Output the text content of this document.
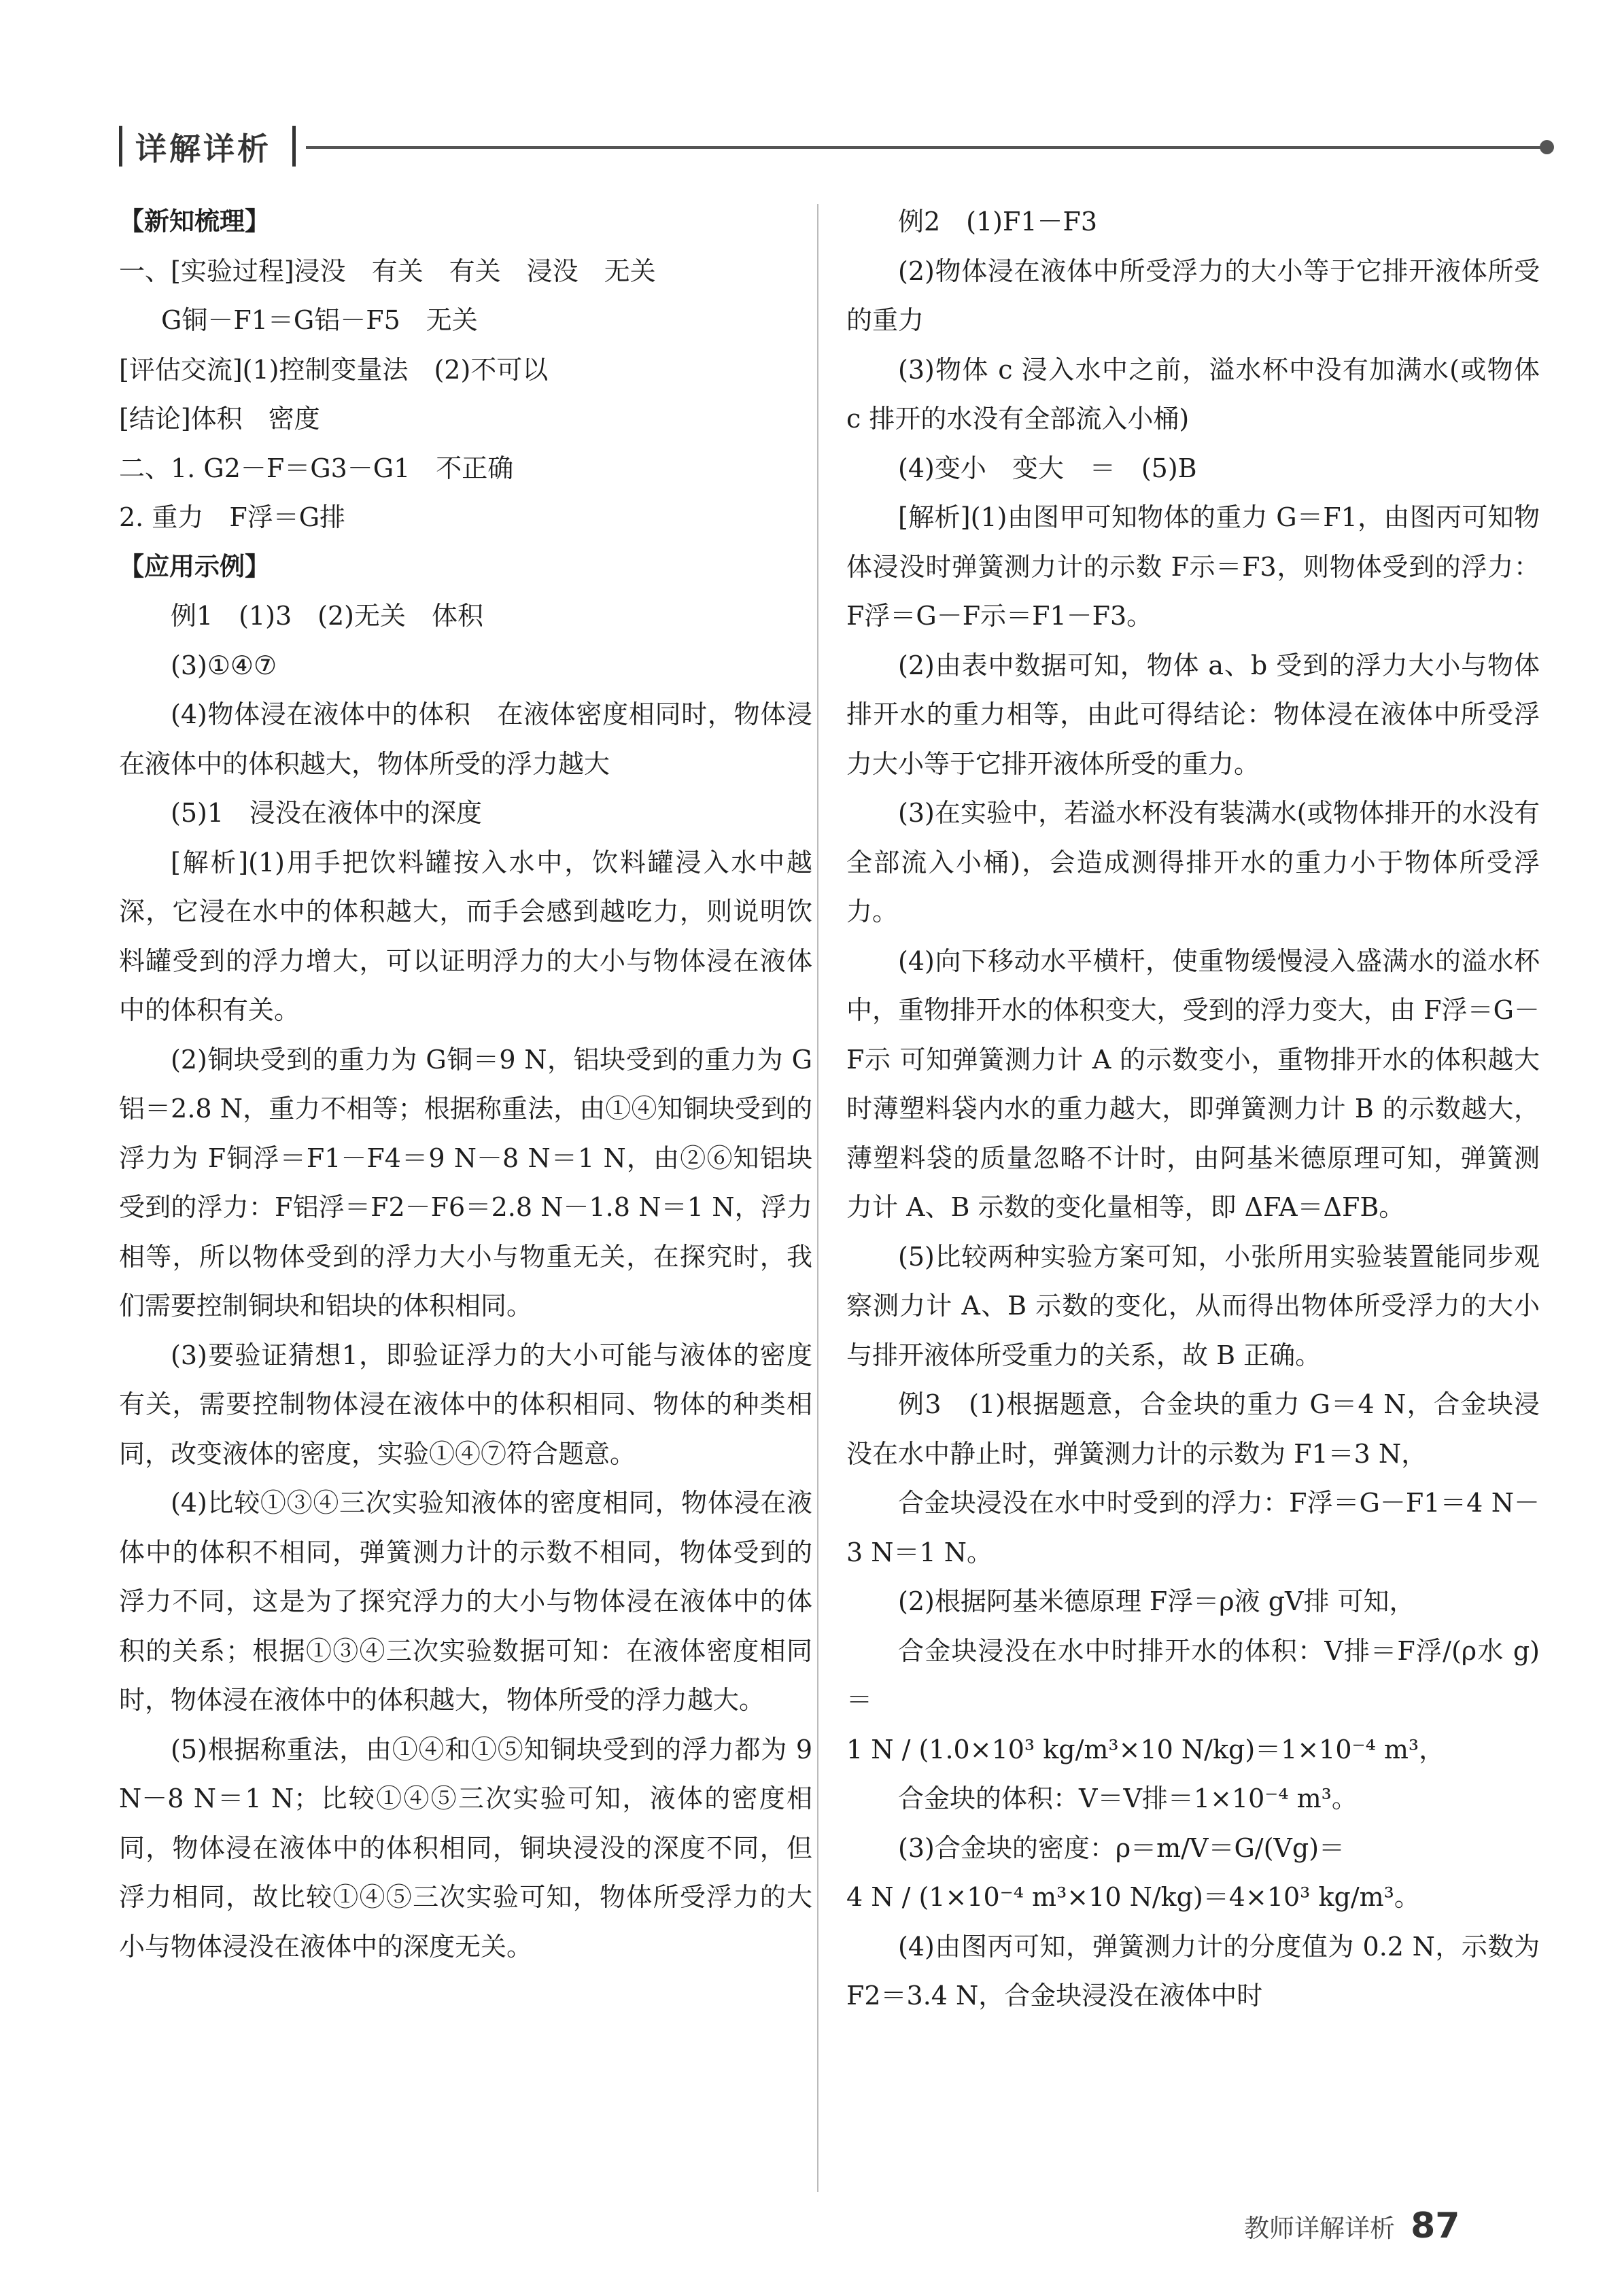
详解详析

【新知梳理】

一、[实验过程]浸没　有关　有关　浸没　无关

G铜－F1＝G铝－F5　无关

[评估交流](1)控制变量法　(2)不可以

[结论]体积　密度

二、1. G2－F＝G3－G1　不正确

2. 重力　F浮＝G排

【应用示例】

例1　(1)3　(2)无关　体积

(3)①④⑦

(4)物体浸在液体中的体积　在液体密度相同时，物体浸在液体中的体积越大，物体所受的浮力越大

(5)1　浸没在液体中的深度

[解析](1)用手把饮料罐按入水中，饮料罐浸入水中越深，它浸在水中的体积越大，而手会感到越吃力，则说明饮料罐受到的浮力增大，可以证明浮力的大小与物体浸在液体中的体积有关。

(2)铜块受到的重力为 G铜＝9 N，铝块受到的重力为 G铝＝2.8 N，重力不相等；根据称重法，由①④知铜块受到的浮力为 F铜浮＝F1－F4＝9 N－8 N＝1 N，由②⑥知铝块受到的浮力：F铝浮＝F2－F6＝2.8 N－1.8 N＝1 N，浮力相等，所以物体受到的浮力大小与物重无关，在探究时，我们需要控制铜块和铝块的体积相同。

(3)要验证猜想1，即验证浮力的大小可能与液体的密度有关，需要控制物体浸在液体中的体积相同、物体的种类相同，改变液体的密度，实验①④⑦符合题意。

(4)比较①③④三次实验知液体的密度相同，物体浸在液体中的体积不相同，弹簧测力计的示数不相同，物体受到的浮力不同，这是为了探究浮力的大小与物体浸在液体中的体积的关系；根据①③④三次实验数据可知：在液体密度相同时，物体浸在液体中的体积越大，物体所受的浮力越大。

(5)根据称重法，由①④和①⑤知铜块受到的浮力都为 9 N－8 N＝1 N；比较①④⑤三次实验可知，液体的密度相同，物体浸在液体中的体积相同，铜块浸没的深度不同，但浮力相同，故比较①④⑤三次实验可知，物体所受浮力的大小与物体浸没在液体中的深度无关。

例2　(1)F1－F3

(2)物体浸在液体中所受浮力的大小等于它排开液体所受的重力

(3)物体 c 浸入水中之前，溢水杯中没有加满水(或物体 c 排开的水没有全部流入小桶)

(4)变小　变大　＝　(5)B

[解析](1)由图甲可知物体的重力 G＝F1，由图丙可知物体浸没时弹簧测力计的示数 F示＝F3，则物体受到的浮力：F浮＝G－F示＝F1－F3。

(2)由表中数据可知，物体 a、b 受到的浮力大小与物体排开水的重力相等，由此可得结论：物体浸在液体中所受浮力大小等于它排开液体所受的重力。

(3)在实验中，若溢水杯没有装满水(或物体排开的水没有全部流入小桶)，会造成测得排开水的重力小于物体所受浮力。

(4)向下移动水平横杆，使重物缓慢浸入盛满水的溢水杯中，重物排开水的体积变大，受到的浮力变大，由 F浮＝G－F示 可知弹簧测力计 A 的示数变小，重物排开水的体积越大时薄塑料袋内水的重力越大，即弹簧测力计 B 的示数越大，薄塑料袋的质量忽略不计时，由阿基米德原理可知，弹簧测力计 A、B 示数的变化量相等，即 ΔFA＝ΔFB。

(5)比较两种实验方案可知，小张所用实验装置能同步观察测力计 A、B 示数的变化，从而得出物体所受浮力的大小与排开液体所受重力的关系，故 B 正确。

例3　(1)根据题意，合金块的重力 G＝4 N，合金块浸没在水中静止时，弹簧测力计的示数为 F1＝3 N，

合金块浸没在水中时受到的浮力：F浮＝G－F1＝4 N－3 N＝1 N。

(2)根据阿基米德原理 F浮＝ρ液 gV排 可知，

合金块浸没在水中时排开水的体积：V排＝F浮/(ρ水 g)＝

1 N / (1.0×10³ kg/m³×10 N/kg)＝1×10⁻⁴ m³，

合金块的体积：V＝V排＝1×10⁻⁴ m³。

(3)合金块的密度：ρ＝m/V＝G/(Vg)＝

4 N / (1×10⁻⁴ m³×10 N/kg)＝4×10³ kg/m³。

(4)由图丙可知，弹簧测力计的分度值为 0.2 N，示数为 F2＝3.4 N，合金块浸没在液体中时

教师详解详析 87
